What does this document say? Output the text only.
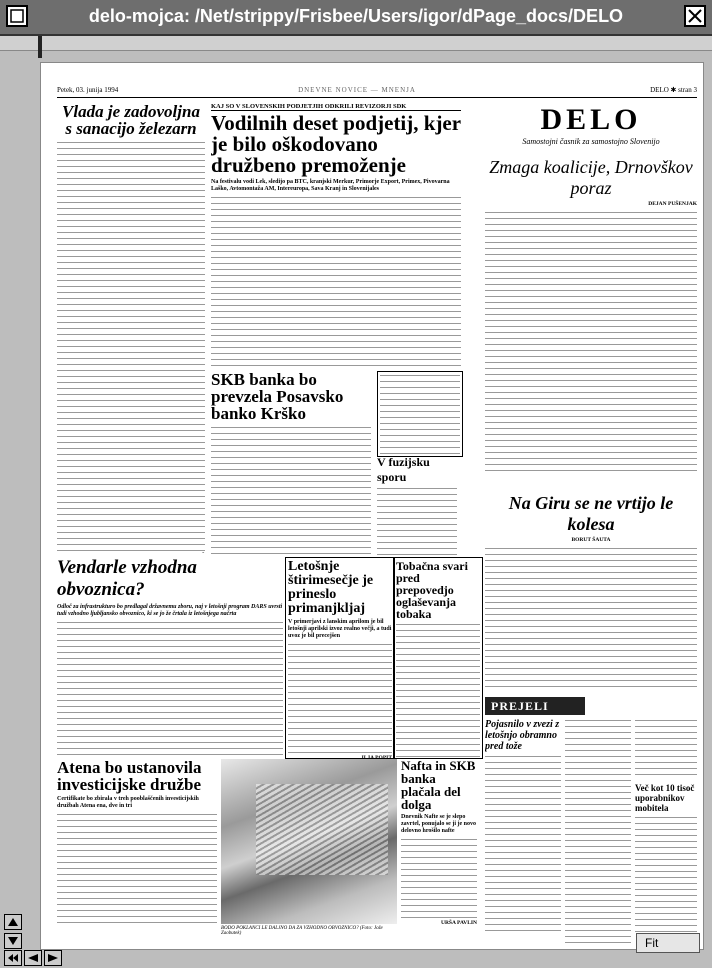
delo-mojca: /Net/strippy/Frisbee/Users/igor/dPage_docs/DELO
Petek, 03. junija 1994	DNEVNE NOVICE — MNENJA	DELO ✱ stran 3
Vlada je zadovoljna s sanacijo železarn
KAJ SO V SLOVENSKIH PODJETJIH ODKRILI REVIZORJI SDK
Vodilnih deset podjetij, kjer je bilo oškodovano družbeno premoženje
Na festivalu vodi Lek, sledijo pa BTC, kranjski Merkur, Primorje Export, Primex, Pivovarna Laško, Avtomontaža AM, Intereuropa, Sava Kranj in Slovenijales
SKB banka bo prevzela Posavsko banko Krško
V fuzijsku sporu
Vendarle vzhodna obvoznica?
Odloč za infrastrukturo bo predlagal državnemu zboru, naj v letošnji program DARS uvrsti tudi vzhodno ljubljansko obvoznico, ki se jo že črtala iz letošnjega načrta
Letošnje štirimesečje je prineslo primanjkljaj
V primerjavi z lanskim aprilom je bil letošnji aprilski izvoz realno večji, a tudi uvoz je bil precejšen
ILJA POPIT
Tobačna svari pred prepovedjo oglaševanja tobaka
Atena bo ustanovila investicijske družbe
Certifikate bo zbirala v treh pooblaščenih investicijskih družbah Atena ena, dve in tri
BODO POKLANCI LE DALJNO DA ZA VZHODNO OBVOZNICO? (Foto: Jože Zaobutek)
Nafta in SKB banka plačala del dolga
Dnevnik Nafte se je slepo zavrtel, ponujalo se ji je novo delovno hrošilo nafte
URŠA PAVLIN
DELO
Samostojni časnik za samostojno Slovenijo
Zmaga koalicije, Drnovškov poraz
DEJAN PUŠENJAK
Na Giru se ne vrtijo le kolesa
BORUT ŠAUTA
PREJELI
Pojasnilo v zvezi z letošnjo obramno pred tože
Več kot 10 tisoč uporabnikov mobitela
Fit
